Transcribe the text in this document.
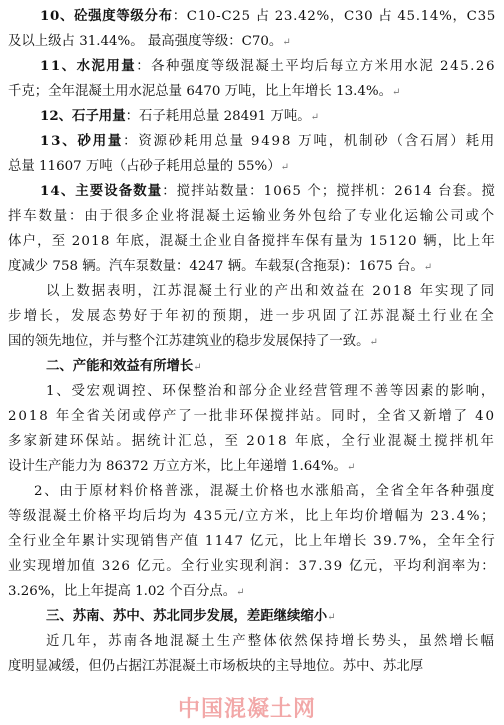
10、砼强度等级分布：C10-C25 占 23.42%，C30 占 45.14%，C35
及以上级占 31.44%。 最高强度等级：C70。↵
11、水泥用量：各种强度等级混凝土平均后每立方米用水泥 245.26
千克；全年混凝土用水泥总量 6470 万吨，比上年增长 13.4%。↵
12、石子用量：石子耗用总量 28491 万吨。↵
13、砂用量：资源砂耗用总量 9498 万吨，机制砂（含石屑）耗用
总量 11607 万吨（占砂子耗用总量的 55%）↵
14、主要设备数量：搅拌站数量：1065 个；搅拌机：2614 台套。搅
拌车数量：由于很多企业将混凝土运输业务外包给了专业化运输公司或个
体户，至 2018 年底，混凝土企业自备搅拌车保有量为 15120 辆，比上年
度减少 758 辆。汽车泵数量：4247 辆。车载泵(含拖泵)：1675 台。↵
以上数据表明，江苏混凝土行业的产出和效益在 2018 年实现了同
步增长，发展态势好于年初的预期，进一步巩固了江苏混凝土行业在全
国的领先地位，并与整个江苏建筑业的稳步发展保持了一致。↵
二、产能和效益有所增长↵
1、受宏观调控、环保整治和部分企业经营管理不善等因素的影响，
2018 年全省关闭或停产了一批非环保搅拌站。同时，全省又新增了 40
多家新建环保站。据统计汇总，至 2018 年底，全行业混凝土搅拌机年
设计生产能力为 86372 万立方米，比上年递增 1.64%。↵
2、由于原材料价格普涨，混凝土价格也水涨船高，全省全年各种强度
等级混凝土价格平均后均为 435元/立方米，比上年均价增幅为 23.4%；
全行业全年累计实现销售产值 1147 亿元，比上年增长 39.7%，全年全行
业实现增加值 326 亿元。全行业实现利润：37.39 亿元，平均利润率为：
3.26%，比上年提高 1.02 个百分点。↵
三、苏南、苏中、苏北同步发展，差距继续缩小↵
近几年，苏南各地混凝土生产整体依然保持增长势头，虽然增长幅
度明显减缓，但仍占据江苏混凝土市场板块的主导地位。苏中、苏北厚
中国混凝土网
